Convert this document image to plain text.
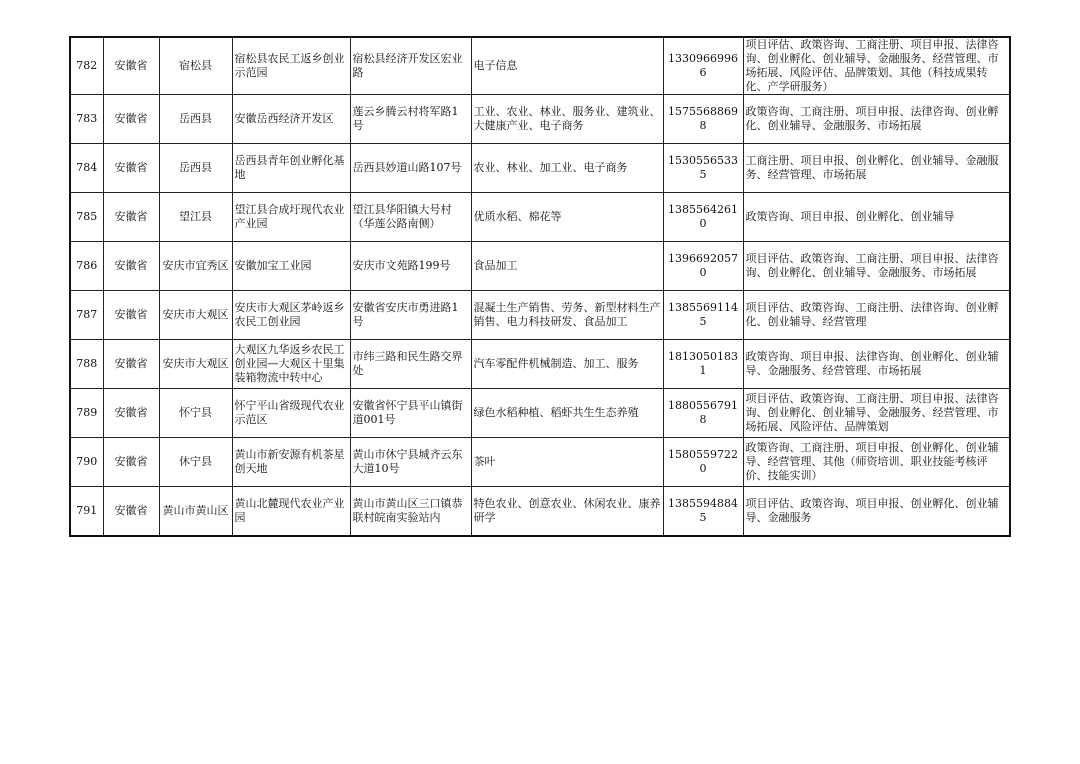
782	安徽省	宿松县	宿松县农民工返乡创业示范园	宿松县经济开发区宏业路	电子信息	13309669966	项目评估、政策咨询、工商注册、项目申报、法律咨询、创业孵化、创业辅导、金融服务、经营管理、市场拓展、风险评估、品牌策划、其他（科技成果转化、产学研服务）
783	安徽省	岳西县	安徽岳西经济开发区	莲云乡腾云村将军路1号	工业、农业、林业、服务业、建筑业、大健康产业、电子商务	15755688698	政策咨询、工商注册、项目申报、法律咨询、创业孵化、创业辅导、金融服务、市场拓展
784	安徽省	岳西县	岳西县青年创业孵化基地	岳西县妙道山路107号	农业、林业、加工业、电子商务	15305565335	工商注册、项目申报、创业孵化、创业辅导、金融服务、经营管理、市场拓展
785	安徽省	望江县	望江县合成圩现代农业产业园	望江县华阳镇大号村（华莲公路南侧）	优质水稻、棉花等	13855642610	政策咨询、项目申报、创业孵化、创业辅导
786	安徽省	安庆市宜秀区	安徽加宝工业园	安庆市文苑路199号	食品加工	13966920570	项目评估、政策咨询、工商注册、项目申报、法律咨询、创业孵化、创业辅导、金融服务、市场拓展
787	安徽省	安庆市大观区	安庆市大观区茅岭返乡农民工创业园	安徽省安庆市勇进路1号	混凝土生产销售、劳务、新型材料生产销售、电力科技研发、食品加工	13855691145	项目评估、政策咨询、工商注册、法律咨询、创业孵化、创业辅导、经营管理
788	安徽省	安庆市大观区	大观区九华返乡农民工创业园—大观区十里集装箱物流中转中心	市纬三路和民生路交界处	汽车零配件机械制造、加工、服务	18130501831	政策咨询、项目申报、法律咨询、创业孵化、创业辅导、金融服务、经营管理、市场拓展
789	安徽省	怀宁县	怀宁平山省级现代农业示范区	安徽省怀宁县平山镇街道001号	绿色水稻种植、稻虾共生生态养殖	18805567918	项目评估、政策咨询、工商注册、项目申报、法律咨询、创业孵化、创业辅导、金融服务、经营管理、市场拓展、风险评估、品牌策划
790	安徽省	休宁县	黄山市新安源有机茶星创天地	黄山市休宁县城齐云东大道10号	茶叶	15805597220	政策咨询、工商注册、项目申报、创业孵化、创业辅导、经营管理、其他（师资培训、职业技能考核评价、技能实训）
791	安徽省	黄山市黄山区	黄山北麓现代农业产业园	黄山市黄山区三口镇恭联村皖南实验站内	特色农业、创意农业、休闲农业、康养研学	13855948845	项目评估、政策咨询、项目申报、创业孵化、创业辅导、金融服务
